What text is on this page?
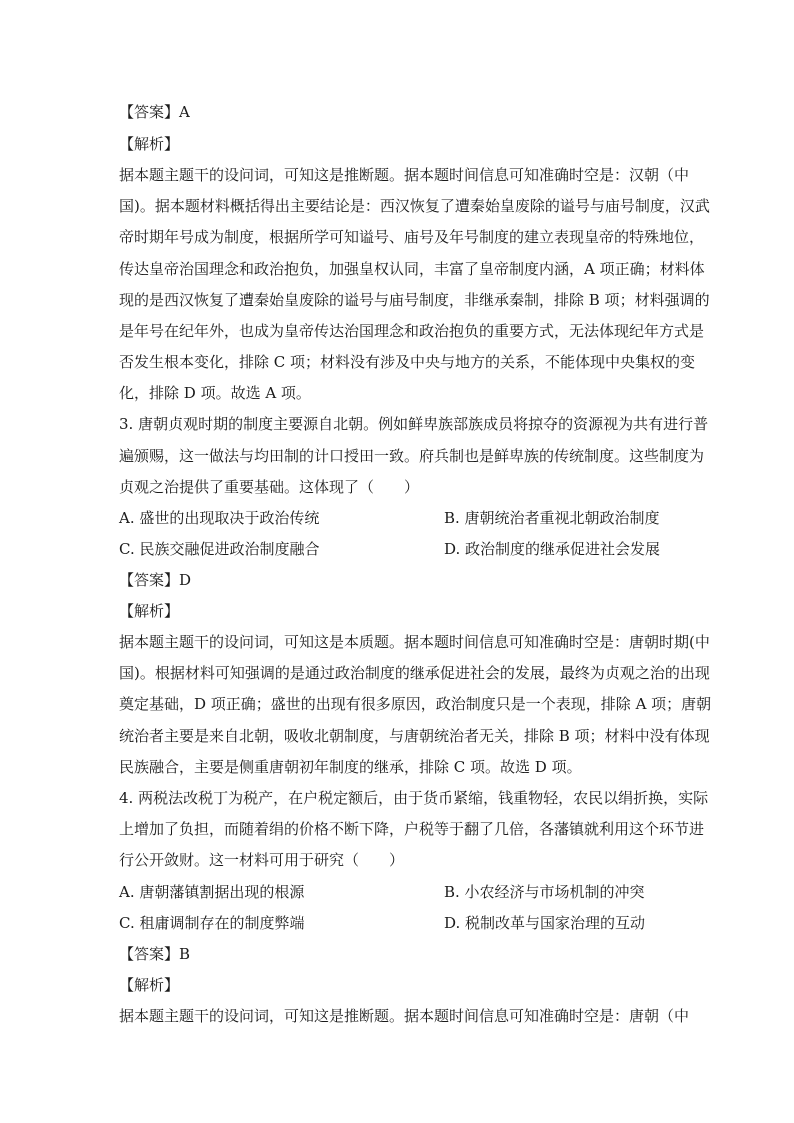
【答案】A
【解析】
据本题主题干的设问词，可知这是推断题。据本题时间信息可知准确时空是：汉朝（中
国)。据本题材料概括得出主要结论是：西汉恢复了遭秦始皇废除的谥号与庙号制度，汉武
帝时期年号成为制度，根据所学可知谥号、庙号及年号制度的建立表现皇帝的特殊地位，
传达皇帝治国理念和政治抱负，加强皇权认同，丰富了皇帝制度内涵，A 项正确；材料体
现的是西汉恢复了遭秦始皇废除的谥号与庙号制度，非继承秦制，排除 B 项；材料强调的
是年号在纪年外，也成为皇帝传达治国理念和政治抱负的重要方式，无法体现纪年方式是
否发生根本变化，排除 C 项；材料没有涉及中央与地方的关系，不能体现中央集权的变
化，排除 D 项。故选 A 项。
3. 唐朝贞观时期的制度主要源自北朝。例如鲜卑族部族成员将掠夺的资源视为共有进行普
遍颁赐，这一做法与均田制的计口授田一致。府兵制也是鲜卑族的传统制度。这些制度为
贞观之治提供了重要基础。这体现了（　　）
A. 盛世的出现取决于政治传统	B. 唐朝统治者重视北朝政治制度
C. 民族交融促进政治制度融合	D. 政治制度的继承促进社会发展
【答案】D
【解析】
据本题主题干的设问词，可知这是本质题。据本题时间信息可知准确时空是：唐朝时期(中
国)。根据材料可知强调的是通过政治制度的继承促进社会的发展，最终为贞观之治的出现
奠定基础，D 项正确；盛世的出现有很多原因，政治制度只是一个表现，排除 A 项；唐朝
统治者主要是来自北朝，吸收北朝制度，与唐朝统治者无关，排除 B 项；材料中没有体现
民族融合，主要是侧重唐朝初年制度的继承，排除 C 项。故选 D 项。
4. 两税法改税丁为税产，在户税定额后，由于货币紧缩，钱重物轻，农民以绢折换，实际
上增加了负担，而随着绢的价格不断下降，户税等于翻了几倍，各藩镇就利用这个环节进
行公开敛财。这一材料可用于研究（　　）
A. 唐朝藩镇割据出现的根源	B. 小农经济与市场机制的冲突
C. 租庸调制存在的制度弊端	D. 税制改革与国家治理的互动
【答案】B
【解析】
据本题主题干的设问词，可知这是推断题。据本题时间信息可知准确时空是：唐朝（中
